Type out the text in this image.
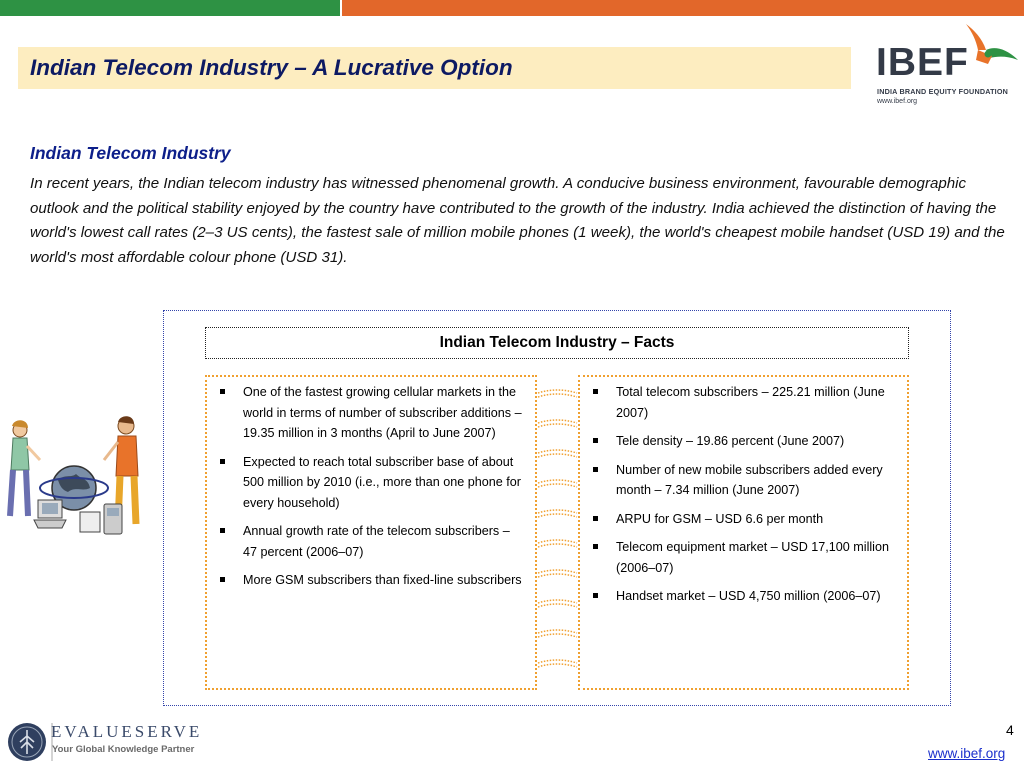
Indian Telecom Industry – A Lucrative Option	IBEF
INDIA BRAND EQUITY FOUNDATION
www.ibef.org
Indian Telecom Industry

In recent years, the Indian telecom industry has witnessed phenomenal growth. A conducive business environment, favourable demographic outlook and the political stability enjoyed by the country have contributed to the growth of the industry. India achieved the distinction of having the world's lowest call rates (2–3 US cents), the fastest sale of million mobile phones (1 week), the world's cheapest mobile handset (USD 19) and the world's most affordable colour phone (USD 31).

Indian Telecom Industry – Facts
One of the fastest growing cellular markets in the world in terms of number of subscriber additions – 19.35 million in 3 months (April to June 2007)
Expected to reach total subscriber base of about 500 million by 2010 (i.e., more than one phone for every household)
Annual growth rate of the telecom subscribers – 47 percent (2006–07)
More GSM subscribers than fixed-line subscribers
Total telecom subscribers – 225.21 million (June 2007)
Tele density – 19.86 percent (June 2007)
Number of new mobile subscribers added every month – 7.34 million (June 2007)
ARPU for GSM – USD 6.6 per month
Telecom equipment market – USD 17,100 million (2006–07)
Handset market – USD 4,750 million (2006–07)
EVALUESERVE
Your Global Knowledge Partner
4
www.ibef.org
